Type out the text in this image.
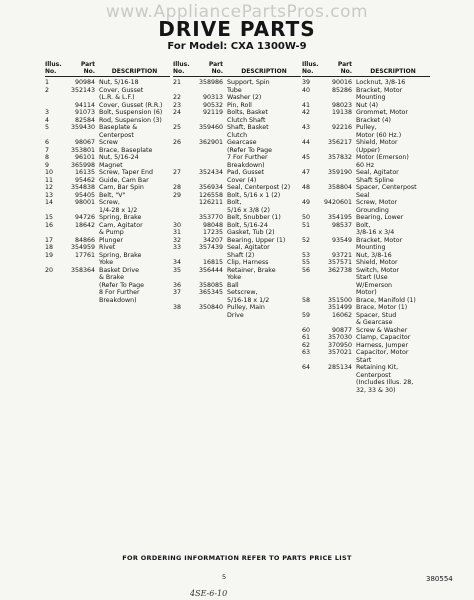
www.AppliancePartsPros.com
DRIVE PARTS
For Model: CXA 1300W-9
Illus.
No.
Part
No.	DESCRIPTION
1	90984 Nut, 5/16-18
2	352143 Cover, Gusset
(L.R. & L.F.)
94114 Cover, Gusset (R.R.)
3	91073 Bolt, Suspension (6)
4	82584 Rod, Suspension (3)
5	359430 Baseplate &
Centerpost
6	98067 Screw
7	353801 Brace, Baseplate
8	96101 Nut, 5/16-24
9	365998 Magnet
10	16135 Screw, Taper End
11	95462 Guide, Cam Bar
12	354838 Cam, Bar Spin
13	95405 Belt, "V"
14	98001 Screw,
1/4-28 x 1/2
15	94726 Spring, Brake
16	18642 Cam, Agitator
& Pump
17	84866 Plunger
18	354959 Rivet
19	17761 Spring, Brake
Yoke
20	358364 Basket Drive
& Brake
(Refer To Page
8 For Further
Breakdown)
Illus.
No.
Part
No.	DESCRIPTION
21	358986 Support, Spin
Tube
22	90313 Washer (2)
23	90532 Pin, Roll
24	92119 Bolts, Basket
Clutch Shaft
25	359460 Shaft, Basket
Clutch
26	362901 Gearcase
(Refer To Page
7 For Further
Breakdown)
27	352434 Pad, Gusset
Cover (4)
28	356934 Seal, Centerpost (2)
29	126558 Bolt, 5/16 x 1 (2)
126211 Bolt,
5/16 x 3/8 (2)
353770 Belt, Snubber (1)
30	98048 Bolt, 5/16-24
31	17235 Gasket, Tub (2)
32	34207 Bearing, Upper (1)
33	357439 Seal, Agitator
Shaft (2)
34	16815 Clip, Harness
35	356444 Retainer, Brake
Yoke
36	358085 Ball
37	365345 Setscrew,
5/16-18 x 1/2
38	350840 Pulley, Main
Drive
Illus.
No.
Part
No.	DESCRIPTION
39	90016 Locknut, 3/8-16
40	85286 Bracket, Motor
Mounting
41	98023 Nut (4)
42	19138 Grommet, Motor
Bracket (4)
43	92216 Pulley,
Motor (60 Hz.)
44	356217 Shield, Motor
(Upper)
45	357832 Motor (Emerson)
60 Hz
47	359190 Seal, Agitator
Shaft Spline
48	358804 Spacer, Centerpost
Seal
49	9420601 Screw, Motor
Grounding
50	354195 Bearing, Lower
51	98537 Bolt,
3/8-16 x 3/4
52	93549 Bracket, Motor
Mounting
53	93721 Nut, 3/8-16
55	357571 Shield, Motor
56	362738 Switch, Motor
Start (Use
W/Emerson
Motor)
58	351500 Brace, Manifold (1)
351499 Brace, Motor (1)
59	16062 Spacer, Stud
& Gearcase
60	90877 Screw & Washer
61	357030 Clamp, Capacitor
62	370950 Harness, Jumper
63	357021 Capacitor, Motor
Start
64	285134 Retaining Kit,
Centerpost
(Includes Illus. 28,
32, 33 & 30)
FOR ORDERING INFORMATION REFER TO PARTS PRICE LIST
5	380554
4SE-6-10
